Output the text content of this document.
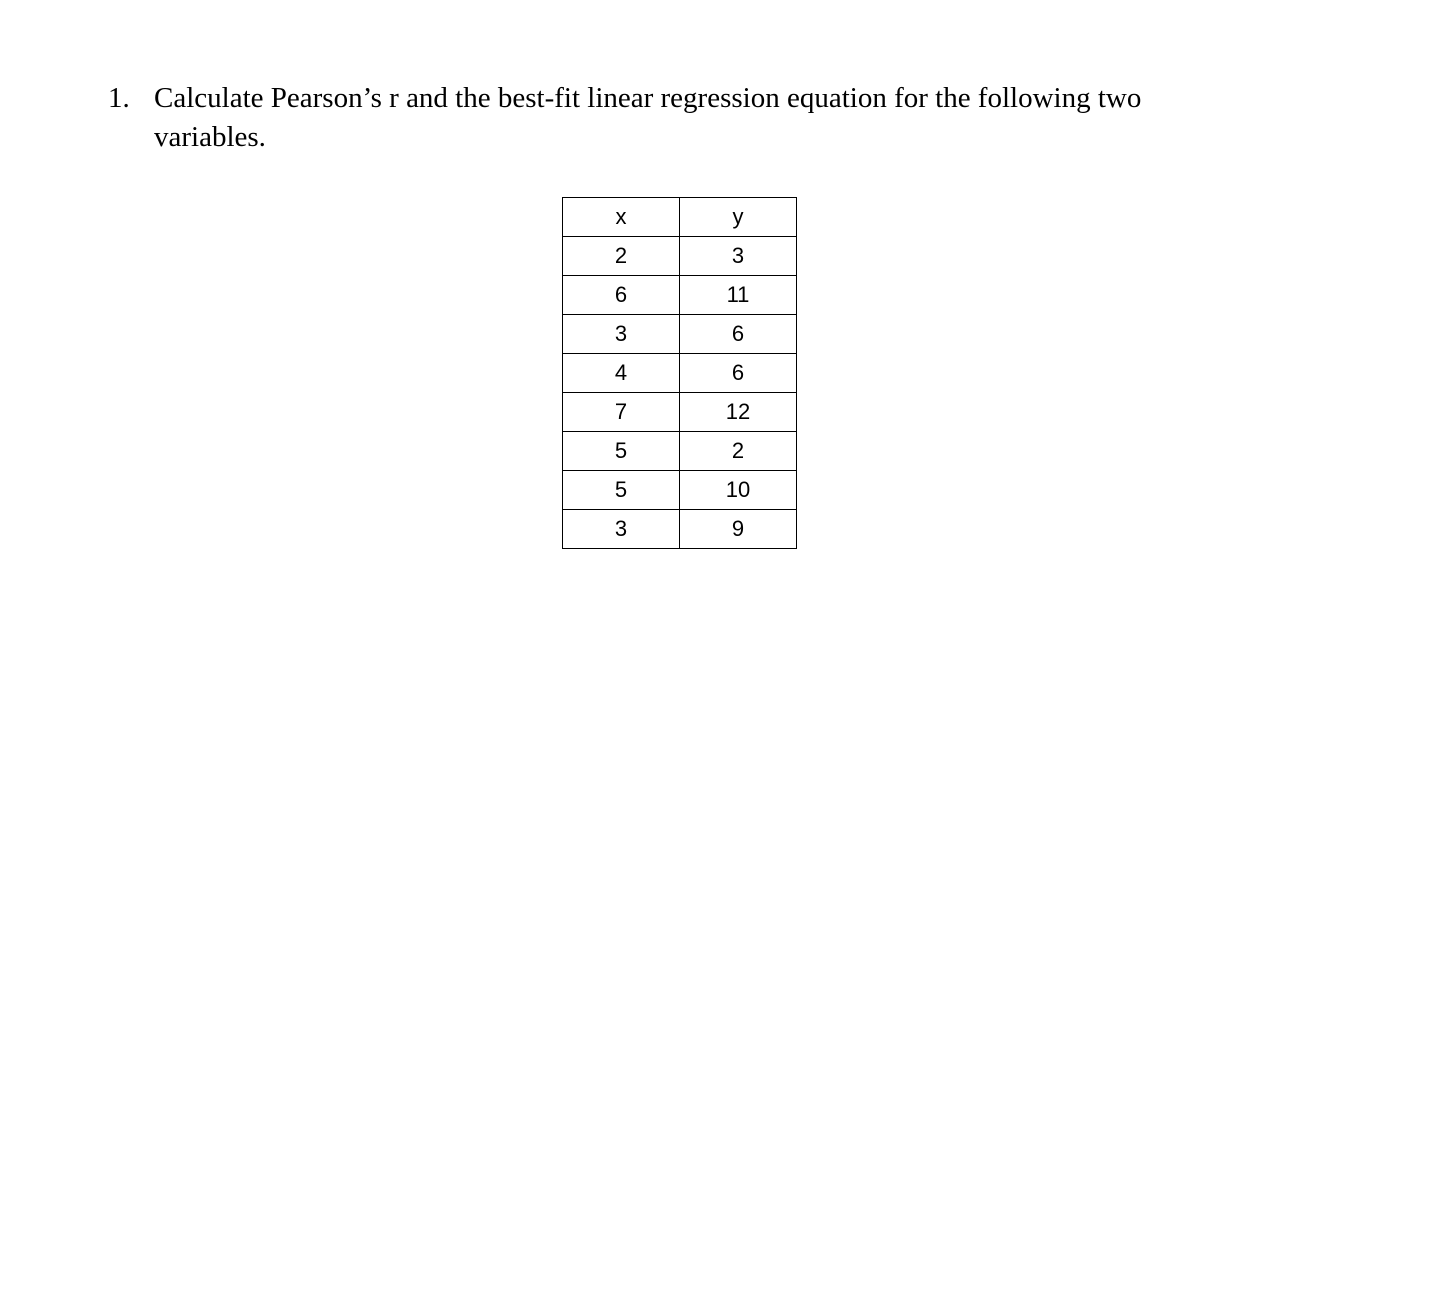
1. Calculate Pearson’s r and the best-fit linear regression equation for the following two variables.
x	y
2	3
6	11
3	6
4	6
7	12
5	2
5	10
3	9
